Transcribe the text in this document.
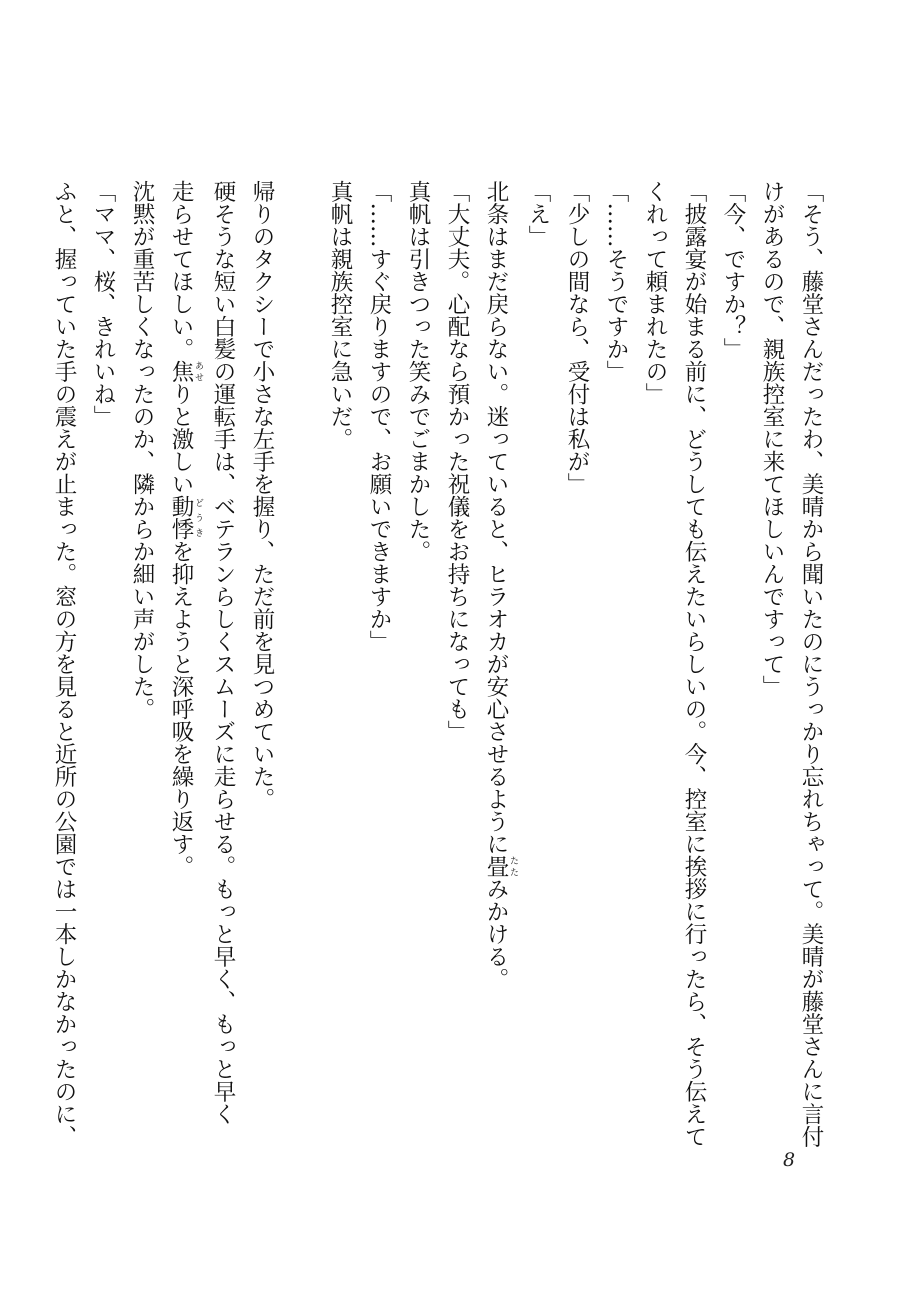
「そう、藤堂さんだったわ、美晴から聞いたのにうっかり忘れちゃって。美晴が藤堂さんに言付
けがあるので、親族控室に来てほしいんですって」
「今、ですか？」
「披露宴が始まる前に、どうしても伝えたいらしいの。今、控室に挨拶に行ったら、そう伝えて
くれって頼まれたの」
「……そうですか」
「少しの間なら、受付は私が」
「え」
北条はまだ戻らない。迷っていると、ヒラオカが安心させるように畳 たたみかける。
「大丈夫。心配なら預かった祝儀をお持ちになっても」
真帆は引きつった笑みでごまかした。
「……すぐ戻りますので、お願いできますか」
真帆は親族控室に急いだ。
帰りのタクシーで小さな左手を握り、ただ前を見つめていた。
硬そうな短い白髪の運転手は、ベテランらしくスムーズに走らせる。もっと早く、もっと早く
走らせてほしい。焦 あせりと激しい動悸 どうきを抑えようと深呼吸を繰り返す。
沈黙が重苦しくなったのか、隣からか細い声がした。
「ママ、桜、きれいね」
ふと、握っていた手の震えが止まった。窓の方を見ると近所の公園では一本しかなかったのに、
8
